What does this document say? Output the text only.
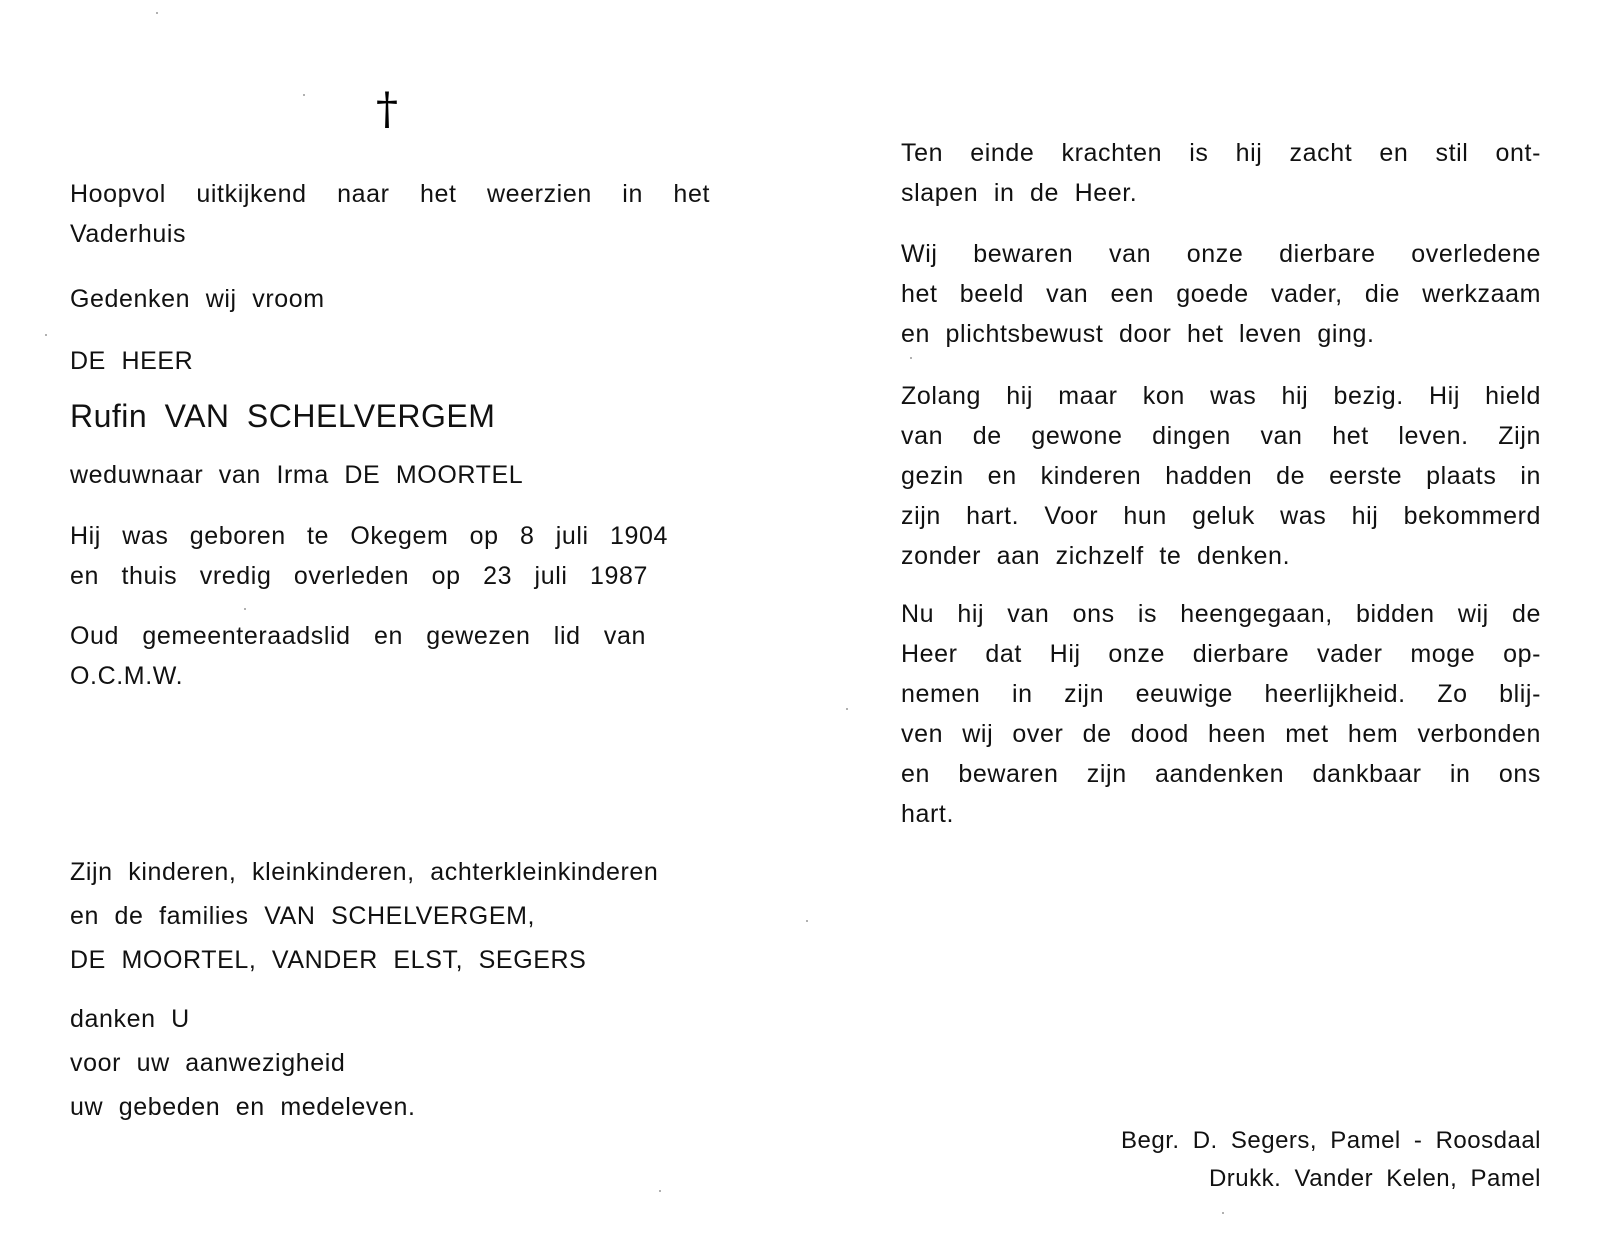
†
Hoopvol uitkijkend naar het weerzien in het
Vaderhuis
Gedenken wij vroom
DE HEER
Rufin VAN SCHELVERGEM
weduwnaar van Irma DE MOORTEL
Hij was geboren te Okegem op 8 juli 1904
en thuis vredig overleden op 23 juli 1987
Oud gemeenteraadslid en gewezen lid van
O.C.M.W.
Zijn kinderen, kleinkinderen, achterkleinkinderen
en de families VAN SCHELVERGEM,
DE MOORTEL, VANDER ELST, SEGERS
danken U
voor uw aanwezigheid
uw gebeden en medeleven.
Ten einde krachten is hij zacht en stil ont-
slapen in de Heer.
Wij bewaren van onze dierbare overledene
het beeld van een goede vader, die werkzaam
en plichtsbewust door het leven ging.
Zolang hij maar kon was hij bezig. Hij hield
van de gewone dingen van het leven. Zijn
gezin en kinderen hadden de eerste plaats in
zijn hart. Voor hun geluk was hij bekommerd
zonder aan zichzelf te denken.
Nu hij van ons is heengegaan, bidden wij de
Heer dat Hij onze dierbare vader moge op-
nemen in zijn eeuwige heerlijkheid. Zo blij-
ven wij over de dood heen met hem verbonden
en bewaren zijn aandenken dankbaar in ons
hart.
Begr. D. Segers, Pamel - Roosdaal
Drukk. Vander Kelen, Pamel
